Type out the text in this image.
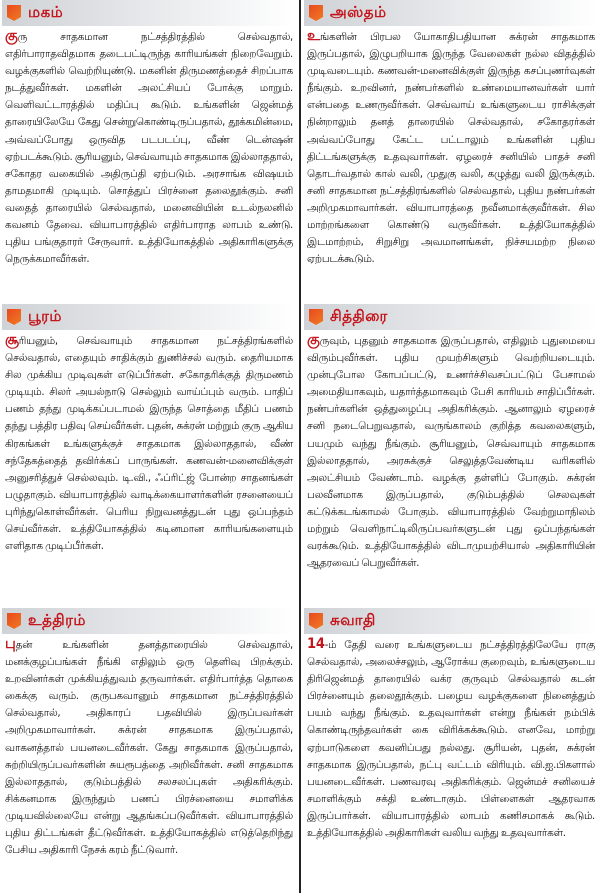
மகம்
குரு சாதகமான நட்சத்திரத்தில் செல்வதால், எதிர்பாராதவிதமாக தடைபட்டிருந்த காரியங்கள் நிறைவேறும். வழக்குகளில் வெற்றியுண்டு. மகனின் திருமணத்தைச் சிறப்பாக நடத்துவீர்கள். மகளின் அலட்சியப் போக்கு மாறும். வெளிவட்டாரத்தில் மதிப்பு கூடும். உங்களின் ஜென்மத் தாரையிலேயே கேது சென்றுகொண்டிருப்பதால், தூக்கமின்மை, அவ்வப்போது ஒருவித படபடப்பு, வீண் டென்ஷன் ஏற்படக்கூடும். சூரியனும், செவ்வாயும் சாதகமாக இல்லாததால், சகோதர வகையில் அதிருப்தி ஏற்படும். அரசாங்க விஷயம் தாமதமாகி முடியும். சொத்துப் பிரச்னை தலைதூக்கும். சனி வதைத் தாரையில் செல்வதால், மனைவியின் உடல்நலனில் கவனம் தேவை. வியாபாரத்தில் எதிர்பாராத லாபம் உண்டு. புதிய பங்குதாரர் சேருவார். உத்தியோகத்தில் அதிகாரிகளுக்கு நெருக்கமாவீர்கள்.
பூரம்
சூரியனும், செவ்வாயும் சாதகமான நட்சத்திரங்களில் செல்வதால், எதையும் சாதிக்கும் துணிச்சல் வரும். தைரியமாக சில முக்கிய முடிவுகள் எடுப்பீர்கள். சகோதரிக்குத் திருமணம் முடியும். சிலர் அயல்நாடு செல்லும் வாய்ப்பும் வரும். பாதிப் பணம் தந்து முடிக்கப்படாமல் இருந்த சொத்தை மீதிப் பணம் தந்து பத்திர பதிவு செய்வீர்கள். புதன், சுக்ரன் மற்றும் குரு ஆகிய கிரகங்கள் உங்களுக்குச் சாதகமாக இல்லாததால், வீண் சந்தேகத்தைத் தவிர்க்கப் பாருங்கள். கணவன்-மனைவிக்குள் அனுசரித்துச் செல்லவும். டி.வி., ஃப்ரிட்ஜ் போன்ற சாதனங்கள் பழுதாகும். வியாபாரத்தில் வாடிக்கையாளர்களின் ரசனையைப் புரிந்துகொள்வீர்கள். பெரிய நிறுவனத்துடன் புது ஒப்பந்தம் செய்வீர்கள். உத்தியோகத்தில் கடினமான காரியங்களையும் எளிதாக முடிப்பீர்கள்.
உத்திரம்
புதன் உங்களின் தனத்தாரையில் செல்வதால், மனக்குழப்பங்கள் நீங்கி எதிலும் ஒரு தெளிவு பிறக்கும். உறவினர்கள் முக்கியத்துவம் தருவார்கள். எதிர்பார்த்த தொகை கைக்கு வரும். குருபகவானும் சாதகமான நட்சத்திரத்தில் செல்வதால், அதிகாரப் பதவியில் இருப்பவர்கள் அறிமுகமாவார்கள். சுக்ரன் சாதகமாக இருப்பதால், வாகனத்தால் பயனடைவீர்கள். கேது சாதகமாக இருப்பதால், சுற்றியிருப்பவர்களின் சுயரூபத்தை அறிவீர்கள். சனி சாதகமாக இல்லாததால், குடும்பத்தில் சலசலப்புகள் அதிகரிக்கும். சிக்கனமாக இருந்தும் பணப் பிரச்னையை சமாளிக்க முடியவில்லையே என்று ஆதங்கப்படுவீர்கள். வியாபாரத்தில் புதிய திட்டங்கள் தீட்டுவீர்கள். உத்தியோகத்தில் எடுத்தெறிந்து பேசிய அதிகாரி நேசக் கரம் நீட்டுவார்.
அஸ்தம்
உங்களின் பிரபல யோகாதிபதியான சுக்ரன் சாதகமாக இருப்பதால், இழுபறியாக இருந்த வேலைகள் நல்ல விதத்தில் முடிவடையும். கணவன்-மனைவிக்குள் இருந்த கசப்புணர்வுகள் நீங்கும். உறவினர், நண்பர்களில் உண்மையானவர்கள் யார் என்பதை உணருவீர்கள். செவ்வாய் உங்களுடைய ராசிக்குள் நின்றாலும் தனத் தாரையில் செல்வதால், சகோதரர்கள் அவ்வப்போது கேட்ட பட்டாலும் உங்களின் புதிய திட்டங்களுக்கு உதவுவார்கள். ஏழரைச் சனியில் பாதச் சனி தொடர்வதால் கால் வலி, முதுகு வலி, கழுத்து வலி இருக்கும். சனி சாதகமான நட்சத்திரங்களில் செல்வதால், புதிய நண்பர்கள் அறிமுகமாவார்கள். வியாபாரத்தை நவீனமாக்குவீர்கள். சில மாற்றங்களை கொண்டு வருவீர்கள். உத்தியோகத்தில் இடமாற்றம், சிறுசிறு அவமானங்கள், நிச்சயமற்ற நிலை ஏற்படக்கூடும்.
சித்திரை
குருவும், புதனும் சாதகமாக இருப்பதால், எதிலும் புதுமையை விரும்புவீர்கள். புதிய முயற்சிகளும் வெற்றியடையும். முன்புபோல கோபப்பட்டு, உணர்ச்சிவசப்பட்டுப் பேசாமல் அமைதியாகவும், யதார்த்தமாகவும் பேசி காரியம் சாதிப்பீர்கள். நண்பர்களின் ஒத்துழைப்பு அதிகரிக்கும். ஆனாலும் ஏழரைச் சனி நடைபெறுவதால், வருங்காலம் குறித்த கவலைகளும், பயமும் வந்து நீங்கும். சூரியனும், செவ்வாயும் சாதகமாக இல்லாததால், அரசுக்குச் செலுத்தவேண்டிய வரிகளில் அலட்சியம் வேண்டாம். வழக்கு தள்ளிப் போகும். சுக்ரன் பலவீனமாக இருப்பதால், குடும்பத்தில் செலவுகள் கட்டுக்கடங்காமல் போகும். வியாபாரத்தில் வேற்றுமாநிலம் மற்றும் வெளிநாட்டிலிருப்பவர்களுடன் புது ஒப்பந்தங்கள் வரக்கூடும். உத்தியோகத்தில் விடாமுயற்சியால் அதிகாரியின் ஆதரவைப் பெறுவீர்கள்.
சுவாதி
14-ம் தேதி வரை உங்களுடைய நட்சத்திரத்திலேயே ராகு செல்வதால், அலைச்சலும், ஆரோக்ய குறைவும், உங்களுடைய திரிஜென்மத் தாரையில் வக்ர குருவும் செல்வதால் கடன் பிரச்னையும் தலைதூக்கும். பழைய வழக்குகளை நினைத்தும் பயம் வந்து நீங்கும். உதவுவார்கள் என்று நீங்கள் நம்பிக் கொண்டிருந்தவர்கள் கை விரிக்கக்கூடும். எனவே, மாற்று ஏற்பாடுகளை கவனிப்பது நல்லது. சூரியன், புதன், சுக்ரன் சாதகமாக இருப்பதால், நட்பு வட்டம் விரியும். வி.ஐ.பிகளால் பயனடைவீர்கள். பணவரவு அதிகரிக்கும். ஜென்மச் சனியைச் சமாளிக்கும் சக்தி உண்டாகும். பிள்ளைகள் ஆதரவாக இருப்பார்கள். வியாபாரத்தில் லாபம் கணிசமாகக் கூடும். உத்தியோகத்தில் அதிகாரிகள் வலிய வந்து உதவுவார்கள்.
